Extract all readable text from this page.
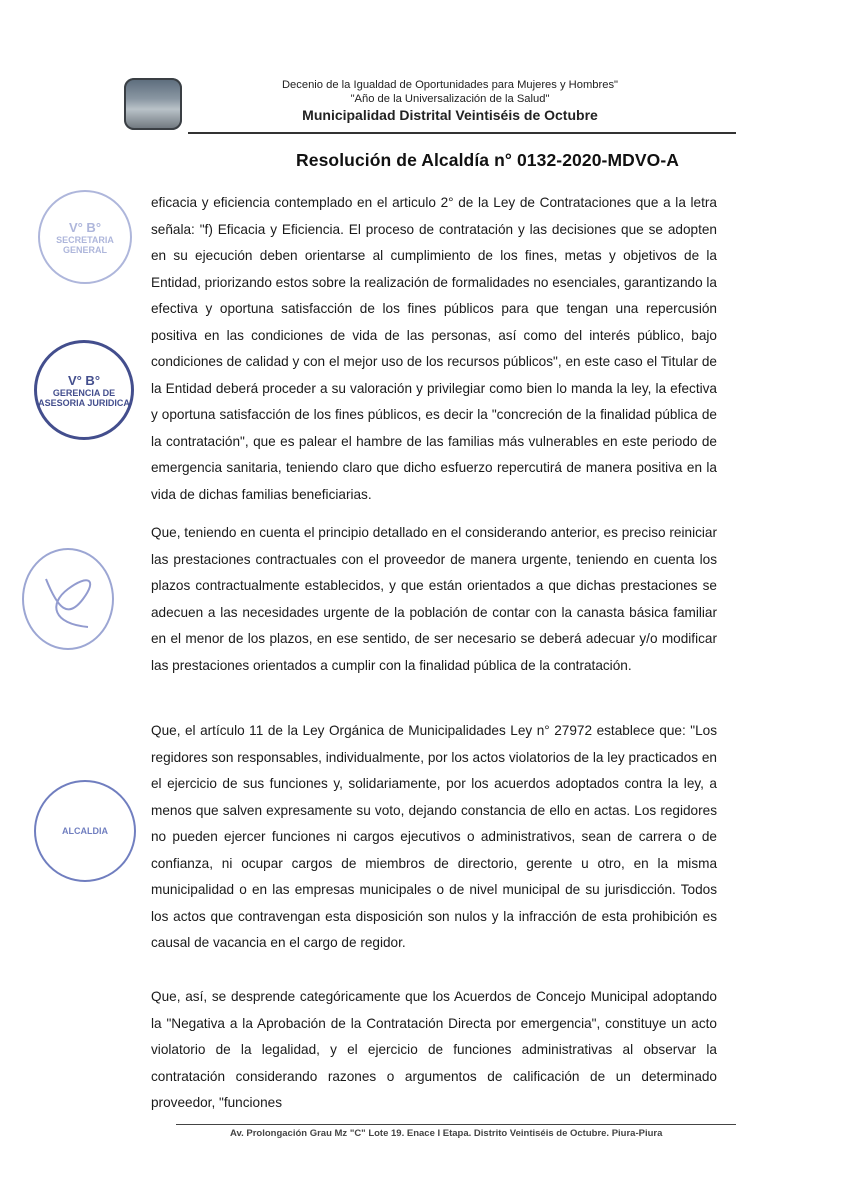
Decenio de la Igualdad de Oportunidades para Mujeres y Hombres"
"Año de la Universalización de la Salud"
Municipalidad Distrital Veintiséis de Octubre
Resolución de Alcaldía n° 0132-2020-MDVO-A
V° B°
SECRETARIA GENERAL
V° B°
GERENCIA DE ASESORIA JURIDICA
ALCALDIA
eficacia y eficiencia contemplado en el articulo 2° de la Ley de Contrataciones que a la letra señala: "f) Eficacia y Eficiencia. El proceso de contratación y las decisiones que se adopten en su ejecución deben orientarse al cumplimiento de los fines, metas y objetivos de la Entidad, priorizando estos sobre la realización de formalidades no esenciales, garantizando la efectiva y oportuna satisfacción de los fines públicos para que tengan una repercusión positiva en las condiciones de vida de las personas, así como del interés público, bajo condiciones de calidad y con el mejor uso de los recursos públicos", en este caso el Titular de la Entidad deberá proceder a su valoración y privilegiar como bien lo manda la ley, la efectiva y oportuna satisfacción de los fines públicos, es decir la "concreción de la finalidad pública de la contratación", que es palear el hambre de las familias más vulnerables en este periodo de emergencia sanitaria, teniendo claro que dicho esfuerzo repercutirá de manera positiva en la vida de dichas familias beneficiarias.
Que, teniendo en cuenta el principio detallado en el considerando anterior, es preciso reiniciar las prestaciones contractuales con el proveedor de manera urgente, teniendo en cuenta los plazos contractualmente establecidos, y que están orientados a que dichas prestaciones se adecuen a las necesidades urgente de la población de contar con la canasta básica familiar en el menor de los plazos, en ese sentido, de ser necesario se deberá adecuar y/o modificar las prestaciones orientados a cumplir con la finalidad pública de la contratación.
Que, el artículo 11 de la Ley Orgánica de Municipalidades Ley n° 27972 establece que: "Los regidores son responsables, individualmente, por los actos violatorios de la ley practicados en el ejercicio de sus funciones y, solidariamente, por los acuerdos adoptados contra la ley, a menos que salven expresamente su voto, dejando constancia de ello en actas. Los regidores no pueden ejercer funciones ni cargos ejecutivos o administrativos, sean de carrera o de confianza, ni ocupar cargos de miembros de directorio, gerente u otro, en la misma municipalidad o en las empresas municipales o de nivel municipal de su jurisdicción. Todos los actos que contravengan esta disposición son nulos y la infracción de esta prohibición es causal de vacancia en el cargo de regidor.
Que, así, se desprende categóricamente que los Acuerdos de Concejo Municipal adoptando la "Negativa a la Aprobación de la Contratación Directa por emergencia", constituye un acto violatorio de la legalidad, y el ejercicio de funciones administrativas al observar la contratación considerando razones o argumentos de calificación de un determinado proveedor, "funciones
Av. Prolongación Grau Mz "C" Lote 19. Enace I Etapa. Distrito Veintiséis de Octubre. Piura-Piura
